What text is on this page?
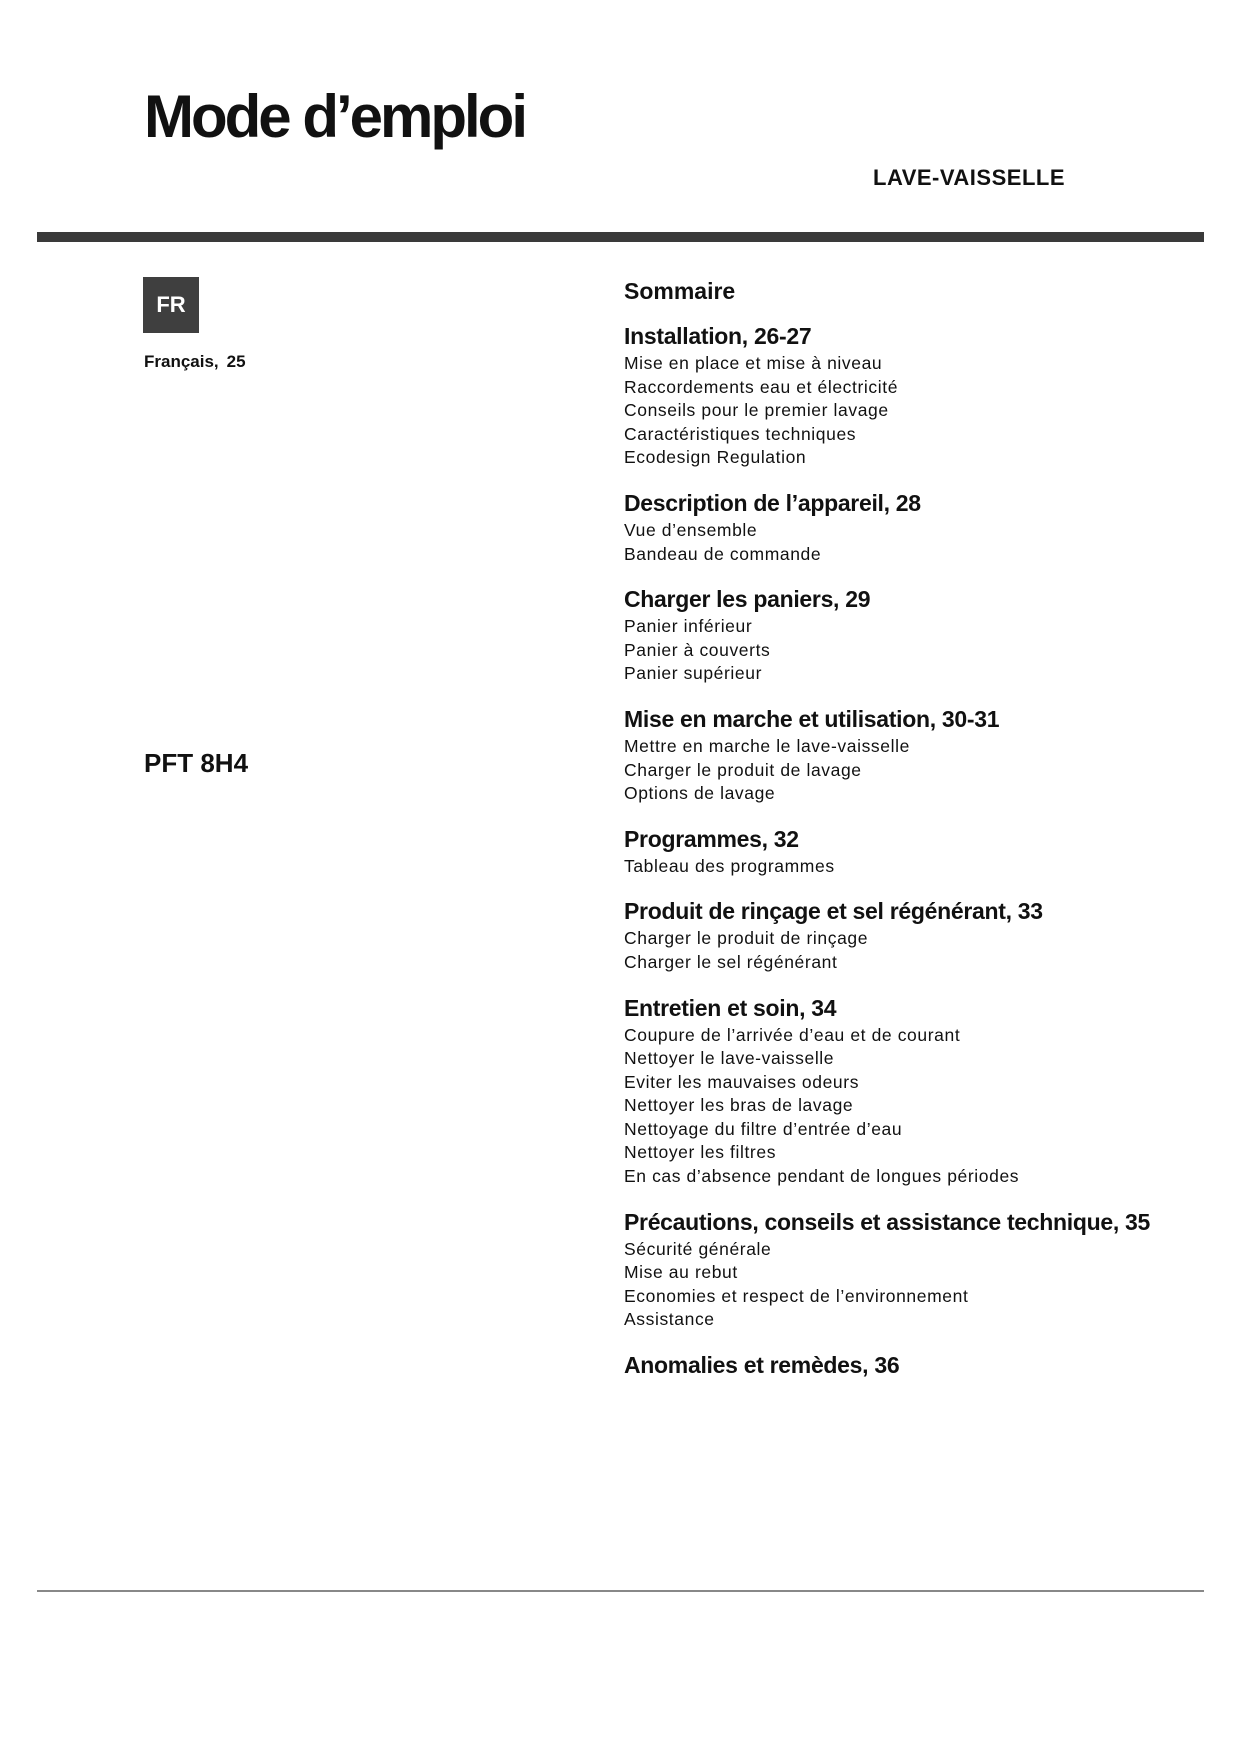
Mode d’emploi
LAVE-VAISSELLE
FR
Français, 25
PFT 8H4
Sommaire
Installation, 26-27
Mise en place et mise à niveau
Raccordements eau et électricité
Conseils pour le premier lavage
Caractéristiques techniques
Ecodesign Regulation
Description de l’appareil, 28
Vue d’ensemble
Bandeau de commande
Charger les paniers, 29
Panier inférieur
Panier à couverts
Panier supérieur
Mise en marche et utilisation, 30-31
Mettre en marche le lave-vaisselle
Charger le produit de lavage
Options de lavage
Programmes, 32
Tableau des programmes
Produit de rinçage et sel régénérant, 33
Charger le produit de rinçage
Charger le sel régénérant
Entretien et soin, 34
Coupure de l’arrivée d’eau et de courant
Nettoyer le lave-vaisselle
Eviter les mauvaises odeurs
Nettoyer les bras de lavage
Nettoyage du filtre d’entrée d’eau
Nettoyer les filtres
En cas d’absence pendant de longues périodes
Précautions, conseils et assistance technique, 35
Sécurité générale
Mise au rebut
Economies et respect de l’environnement
Assistance
Anomalies et remèdes, 36
